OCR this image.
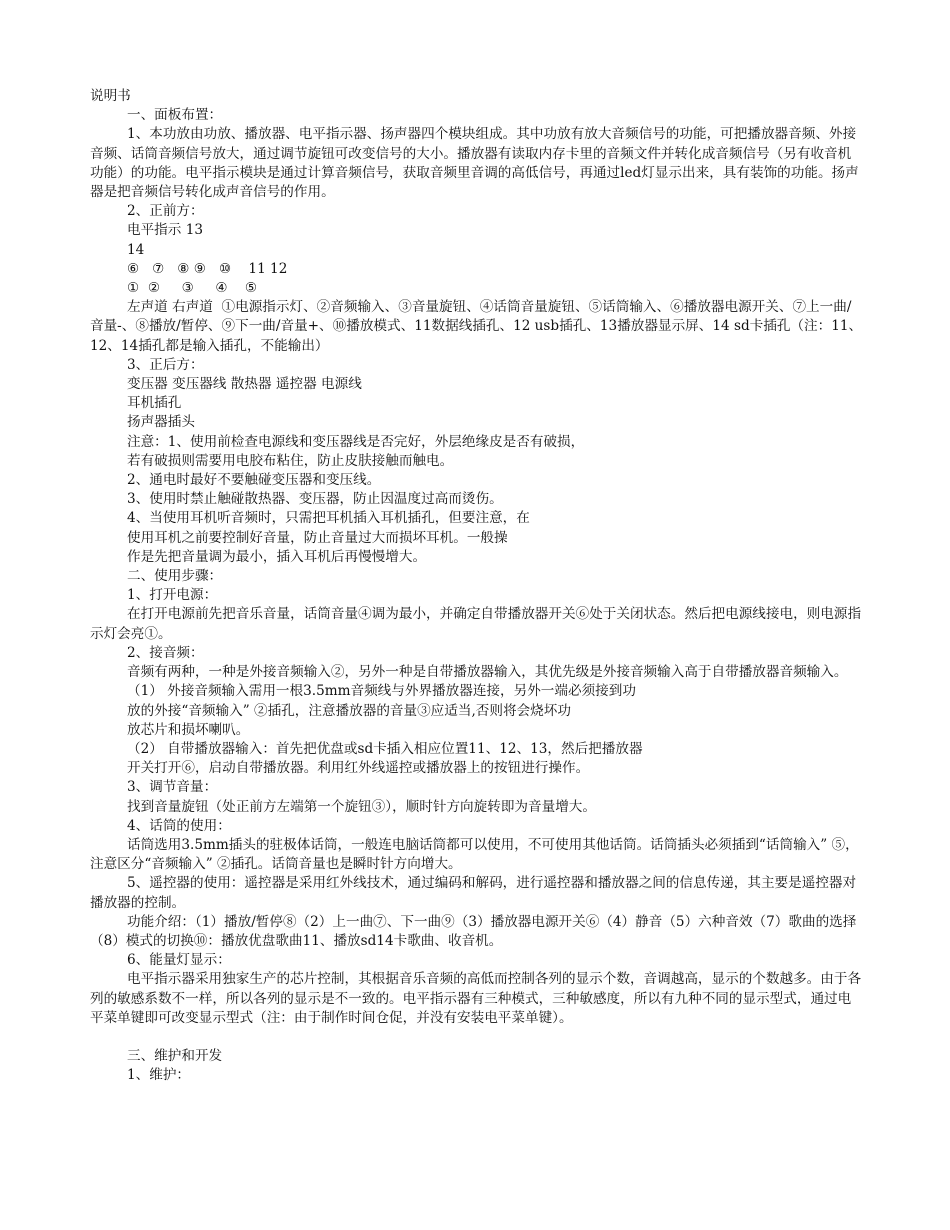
说明书
一、面板布置：
1、本功放由功放、播放器、电平指示器、扬声器四个模块组成。其中功放有放大音频信号的功能，可把播放器音频、外接音频、话筒音频信号放大，通过调节旋钮可改变信号的大小。播放器有读取内存卡里的音频文件并转化成音频信号（另有收音机功能）的功能。电平指示模块是通过计算音频信号，获取音频里音调的高低信号，再通过led灯显示出来，具有装饰的功能。扬声器是把音频信号转化成声音信号的作用。
2、正前方：
电平指示 13
14
⑥   ⑦   ⑧ ⑨   ⑩    11 12
①  ②     ③     ④    ⑤
左声道 右声道  ①电源指示灯、②音频输入、③音量旋钮、④话筒音量旋钮、⑤话筒输入、⑥播放器电源开关、⑦上一曲/音量-、⑧播放/暂停、⑨下一曲/音量+、⑩播放模式、11数据线插孔、12 usb插孔、13播放器显示屏、14 sd卡插孔（注：11、12、14插孔都是输入插孔，不能输出）
3、正后方：
变压器 变压器线 散热器 遥控器 电源线
耳机插孔
扬声器插头
注意：1、使用前检查电源线和变压器线是否完好，外层绝缘皮是否有破损，
若有破损则需要用电胶布粘住，防止皮肤接触而触电。
2、通电时最好不要触碰变压器和变压线。
3、使用时禁止触碰散热器、变压器，防止因温度过高而烫伤。
4、当使用耳机听音频时，只需把耳机插入耳机插孔，但要注意，在
使用耳机之前要控制好音量，防止音量过大而损坏耳机。一般操
作是先把音量调为最小，插入耳机后再慢慢增大。
二、使用步骤：
1、打开电源：
在打开电源前先把音乐音量，话筒音量④调为最小，并确定自带播放器开关⑥处于关闭状态。然后把电源线接电，则电源指示灯会亮①。
2、接音频：
音频有两种，一种是外接音频输入②，另外一种是自带播放器输入，其优先级是外接音频输入高于自带播放器音频输入。
（1） 外接音频输入需用一根3.5mm音频线与外界播放器连接，另外一端必须接到功
放的外接“音频输入” ②插孔，注意播放器的音量③应适当,否则将会烧坏功
放芯片和损坏喇叭。
（2） 自带播放器输入：首先把优盘或sd卡插入相应位置11、12、13，然后把播放器
开关打开⑥，启动自带播放器。利用红外线遥控或播放器上的按钮进行操作。
3、调节音量：
找到音量旋钮（处正前方左端第一个旋钮③），顺时针方向旋转即为音量增大。
4、话筒的使用：
话筒选用3.5mm插头的驻极体话筒，一般连电脑话筒都可以使用，不可使用其他话筒。话筒插头必须插到“话筒输入” ⑤，注意区分“音频输入” ②插孔。话筒音量也是瞬时针方向增大。
5、遥控器的使用：遥控器是采用红外线技术，通过编码和解码，进行遥控器和播放器之间的信息传递，其主要是遥控器对播放器的控制。
功能介绍：（1）播放/暂停⑧（2）上一曲⑦、下一曲⑨（3）播放器电源开关⑥（4）静音（5）六种音效（7）歌曲的选择（8）模式的切换⑩：播放优盘歌曲11、播放sd14卡歌曲、收音机。
6、能量灯显示：
电平指示器采用独家生产的芯片控制，其根据音乐音频的高低而控制各列的显示个数，音调越高，显示的个数越多。由于各列的敏感系数不一样，所以各列的显示是不一致的。电平指示器有三种模式，三种敏感度，所以有九种不同的显示型式，通过电平菜单键即可改变显示型式（注：由于制作时间仓促，并没有安装电平菜单键）。
三、维护和开发
1、维护：
